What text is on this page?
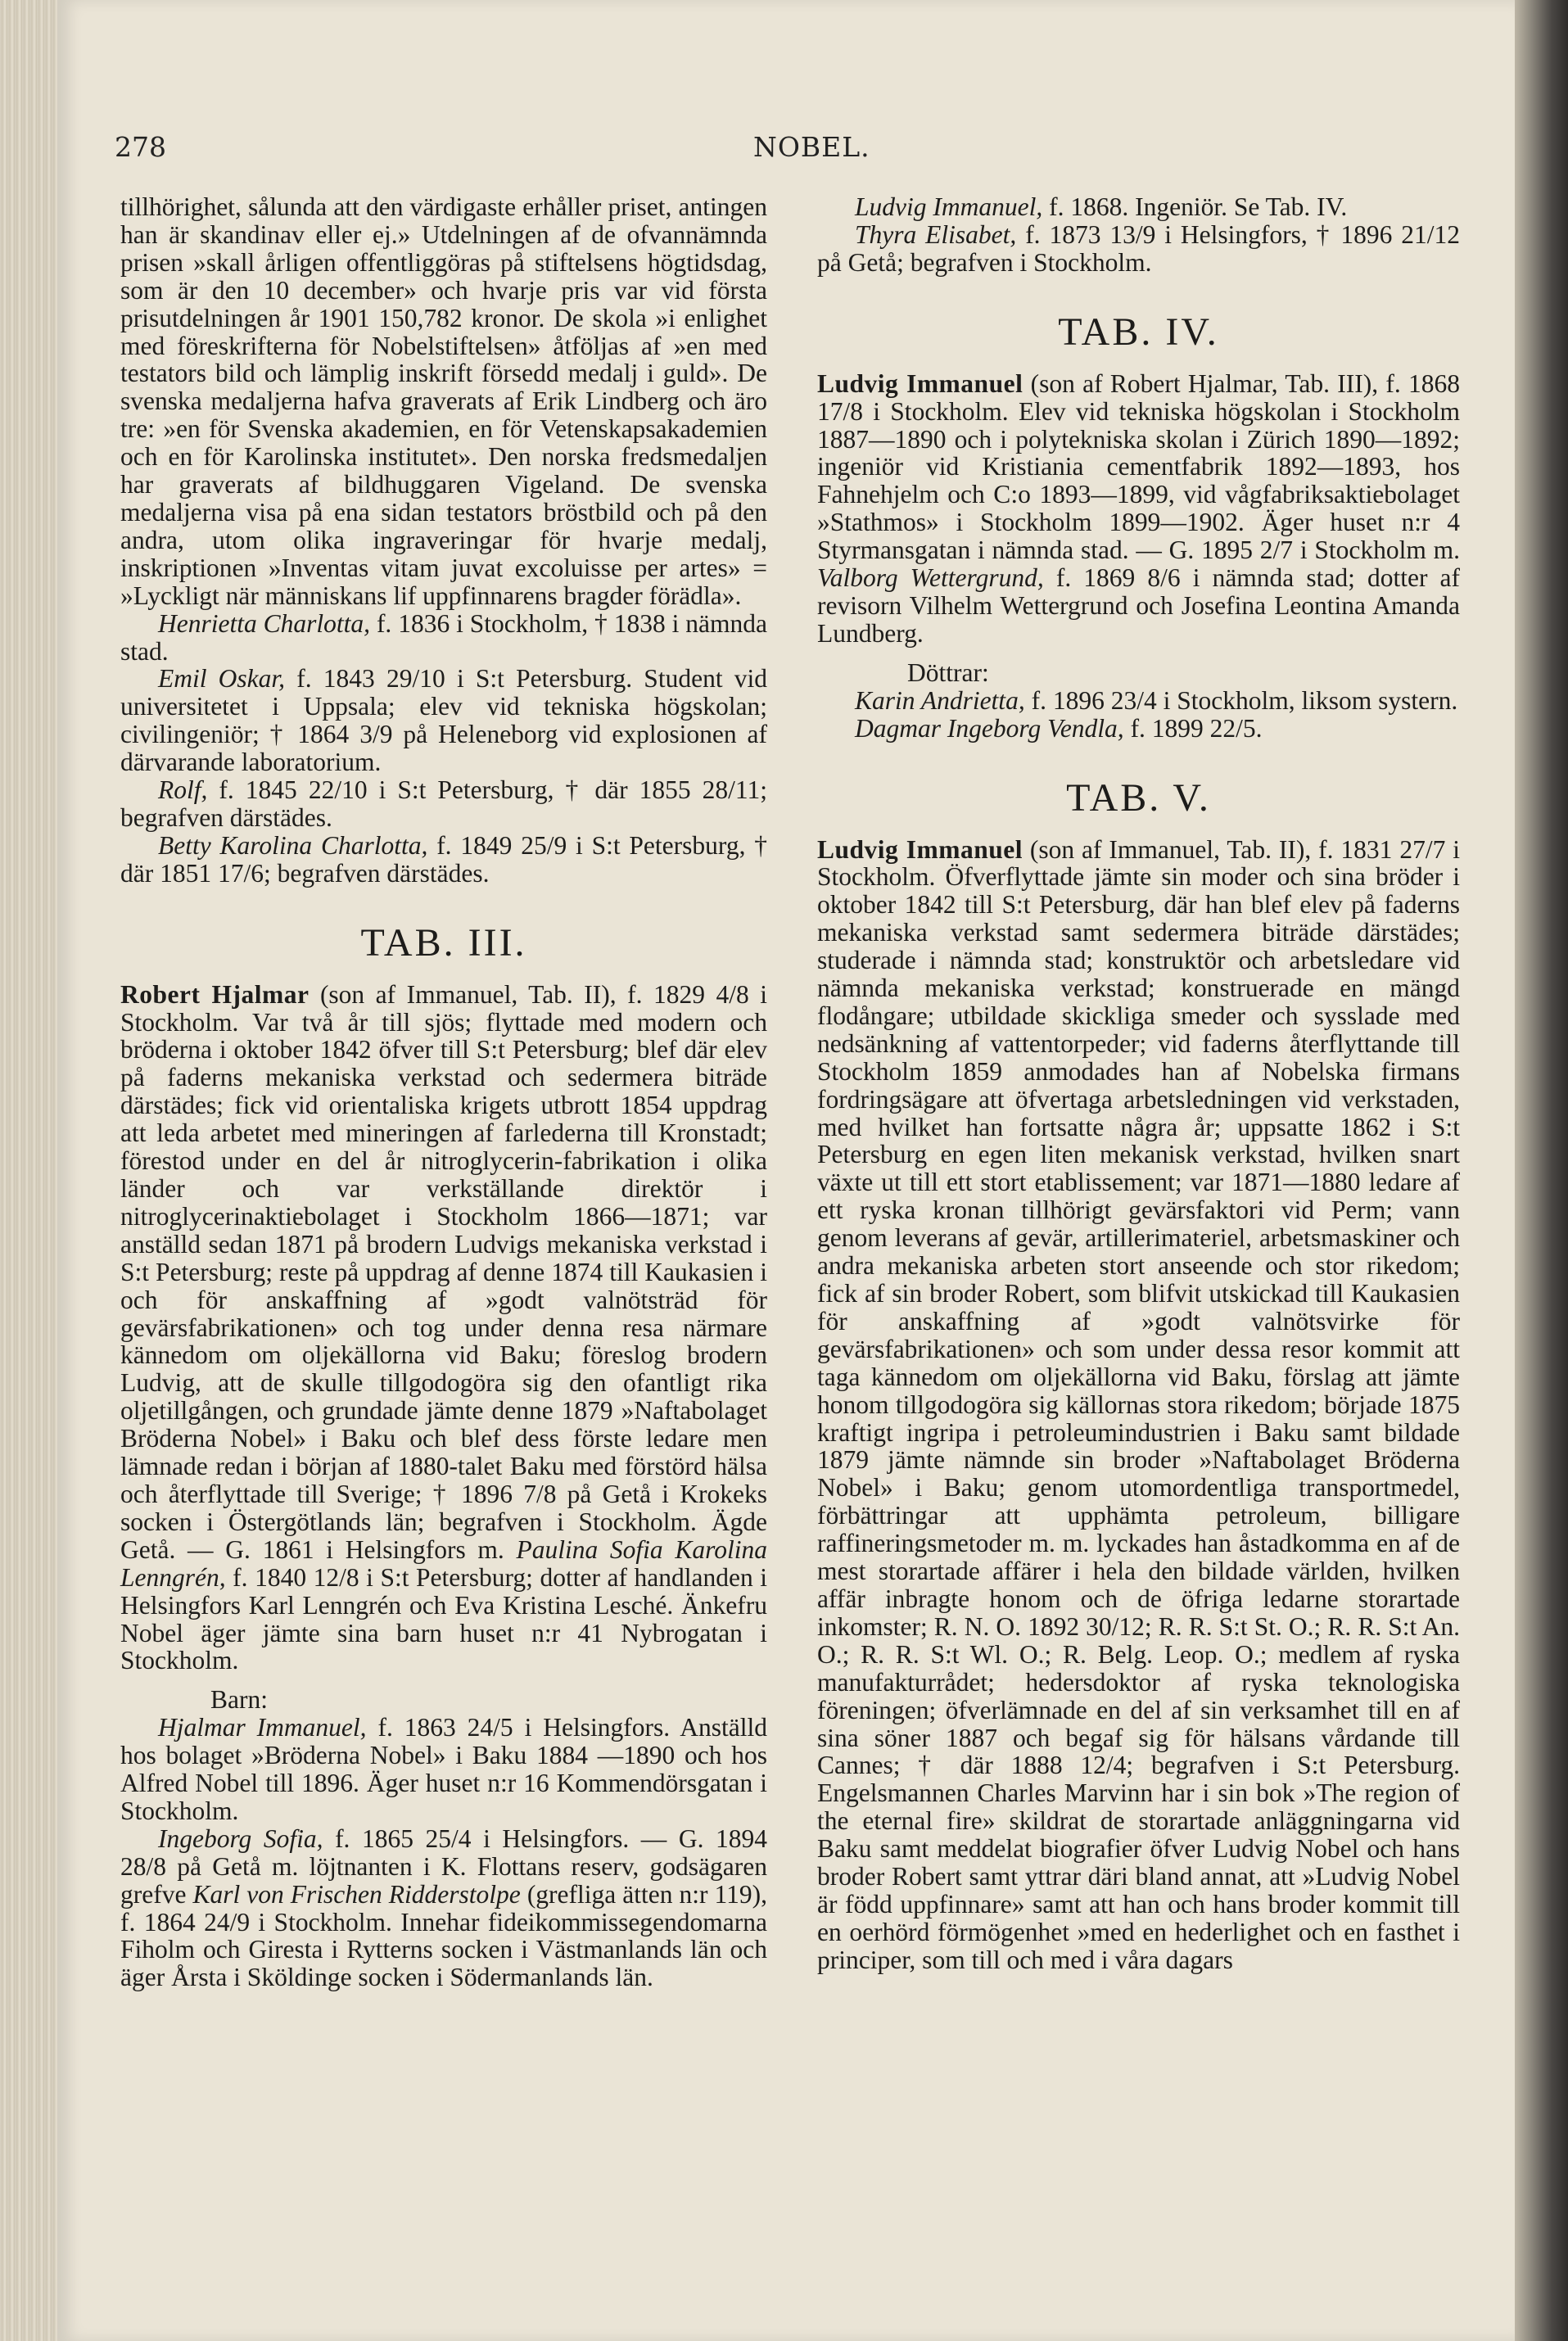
278	NOBEL.

tillhörighet, sålunda att den värdigaste erhåller priset, antingen han är skandinav eller ej.» Utdelningen af de ofvannämnda prisen »skall årligen offentliggöras på stiftelsens högtidsdag, som är den 10 december» och hvarje pris var vid första prisutdelningen år 1901 150,782 kronor. De skola »i enlighet med föreskrifterna för Nobelstiftelsen» åtföljas af »en med testators bild och lämplig inskrift försedd medalj i guld». De svenska medaljerna hafva graverats af Erik Lindberg och äro tre: »en för Svenska akademien, en för Vetenskapsakademien och en för Karolinska institutet». Den norska fredsmedaljen har graverats af bildhuggaren Vigeland. De svenska medaljerna visa på ena sidan testators bröstbild och på den andra, utom olika ingraveringar för hvarje medalj, inskriptionen »Inventas vitam juvat excoluisse per artes» = »Lyckligt när människans lif uppfinnarens bragder förädla».

Henrietta Charlotta, f. 1836 i Stockholm, † 1838 i nämnda stad.

Emil Oskar, f. 1843 29/10 i S:t Petersburg. Student vid universitetet i Uppsala; elev vid tekniska högskolan; civilingeniör; † 1864 3/9 på Heleneborg vid explosionen af därvarande laboratorium.

Rolf, f. 1845 22/10 i S:t Petersburg, † där 1855 28/11; begrafven därstädes.

Betty Karolina Charlotta, f. 1849 25/9 i S:t Petersburg, † där 1851 17/6; begrafven därstädes.

TAB. III.

Robert Hjalmar (son af Immanuel, Tab. II), f. 1829 4/8 i Stockholm. Var två år till sjös; flyttade med modern och bröderna i oktober 1842 öfver till S:t Petersburg; blef där elev på faderns mekaniska verkstad och sedermera biträde därstädes; fick vid orientaliska krigets utbrott 1854 uppdrag att leda arbetet med mineringen af farlederna till Kronstadt; förestod under en del år nitroglycerin-fabrikation i olika länder och var verkställande direktör i nitroglycerinaktiebolaget i Stockholm 1866—1871; var anställd sedan 1871 på brodern Ludvigs mekaniska verkstad i S:t Petersburg; reste på uppdrag af denne 1874 till Kaukasien i och för anskaffning af »godt valnötsträd för gevärsfabrikationen» och tog under denna resa närmare kännedom om oljekällorna vid Baku; föreslog brodern Ludvig, att de skulle tillgodogöra sig den ofantligt rika oljetillgången, och grundade jämte denne 1879 »Naftabolaget Bröderna Nobel» i Baku och blef dess förste ledare men lämnade redan i början af 1880-talet Baku med förstörd hälsa och återflyttade till Sverige; † 1896 7/8 på Getå i Krokeks socken i Östergötlands län; begrafven i Stockholm. Ägde Getå. — G. 1861 i Helsingfors m. Paulina Sofia Karolina Lenngrén, f. 1840 12/8 i S:t Petersburg; dotter af handlanden i Helsingfors Karl Lenngrén och Eva Kristina Lesché. Änkefru Nobel äger jämte sina barn huset n:r 41 Nybrogatan i Stockholm.

Barn:

Hjalmar Immanuel, f. 1863 24/5 i Helsingfors. Anställd hos bolaget »Bröderna Nobel» i Baku 1884 —1890 och hos Alfred Nobel till 1896. Äger huset n:r 16 Kommendörsgatan i Stockholm.

Ingeborg Sofia, f. 1865 25/4 i Helsingfors. — G. 1894 28/8 på Getå m. löjtnanten i K. Flottans reserv, godsägaren grefve Karl von Frischen Ridderstolpe (grefliga ätten n:r 119), f. 1864 24/9 i Stockholm. Innehar fideikommissegendomarna Fiholm och Giresta i Rytterns socken i Västmanlands län och äger Årsta i Sköldinge socken i Södermanlands län.

Ludvig Immanuel, f. 1868. Ingeniör. Se Tab. IV.

Thyra Elisabet, f. 1873 13/9 i Helsingfors, † 1896 21/12 på Getå; begrafven i Stockholm.

TAB. IV.

Ludvig Immanuel (son af Robert Hjalmar, Tab. III), f. 1868 17/8 i Stockholm. Elev vid tekniska högskolan i Stockholm 1887—1890 och i polytekniska skolan i Zürich 1890—1892; ingeniör vid Kristiania cementfabrik 1892—1893, hos Fahnehjelm och C:o 1893—1899, vid vågfabriksaktiebolaget »Stathmos» i Stockholm 1899—1902. Äger huset n:r 4 Styrmansgatan i nämnda stad. — G. 1895 2/7 i Stockholm m. Valborg Wettergrund, f. 1869 8/6 i nämnda stad; dotter af revisorn Vilhelm Wettergrund och Josefina Leontina Amanda Lundberg.

Döttrar:

Karin Andrietta, f. 1896 23/4 i Stockholm, liksom systern.

Dagmar Ingeborg Vendla, f. 1899 22/5.

TAB. V.

Ludvig Immanuel (son af Immanuel, Tab. II), f. 1831 27/7 i Stockholm. Öfverflyttade jämte sin moder och sina bröder i oktober 1842 till S:t Petersburg, där han blef elev på faderns mekaniska verkstad samt sedermera biträde därstädes; studerade i nämnda stad; konstruktör och arbetsledare vid nämnda mekaniska verkstad; konstruerade en mängd flodångare; utbildade skickliga smeder och sysslade med nedsänkning af vattentorpeder; vid faderns återflyttande till Stockholm 1859 anmodades han af Nobelska firmans fordringsägare att öfvertaga arbetsledningen vid verkstaden, med hvilket han fortsatte några år; uppsatte 1862 i S:t Petersburg en egen liten mekanisk verkstad, hvilken snart växte ut till ett stort etablissement; var 1871—1880 ledare af ett ryska kronan tillhörigt gevärsfaktori vid Perm; vann genom leverans af gevär, artillerimateriel, arbetsmaskiner och andra mekaniska arbeten stort anseende och stor rikedom; fick af sin broder Robert, som blifvit utskickad till Kaukasien för anskaffning af »godt valnötsvirke för gevärsfabrikationen» och som under dessa resor kommit att taga kännedom om oljekällorna vid Baku, förslag att jämte honom tillgodogöra sig källornas stora rikedom; började 1875 kraftigt ingripa i petroleumindustrien i Baku samt bildade 1879 jämte nämnde sin broder »Naftabolaget Bröderna Nobel» i Baku; genom utomordentliga transportmedel, förbättringar att upphämta petroleum, billigare raffineringsmetoder m. m. lyckades han åstadkomma en af de mest storartade affärer i hela den bildade världen, hvilken affär inbragte honom och de öfriga ledarne storartade inkomster; R. N. O. 1892 30/12; R. R. S:t St. O.; R. R. S:t An. O.; R. R. S:t Wl. O.; R. Belg. Leop. O.; medlem af ryska manufakturrådet; hedersdoktor af ryska teknologiska föreningen; öfverlämnade en del af sin verksamhet till en af sina söner 1887 och begaf sig för hälsans vårdande till Cannes; † där 1888 12/4; begrafven i S:t Petersburg. Engelsmannen Charles Marvinn har i sin bok »The region of the eternal fire» skildrat de storartade anläggningarna vid Baku samt meddelat biografier öfver Ludvig Nobel och hans broder Robert samt yttrar däri bland annat, att »Ludvig Nobel är född uppfinnare» samt att han och hans broder kommit till en oerhörd förmögenhet »med en hederlighet och en fasthet i principer, som till och med i våra dagars
